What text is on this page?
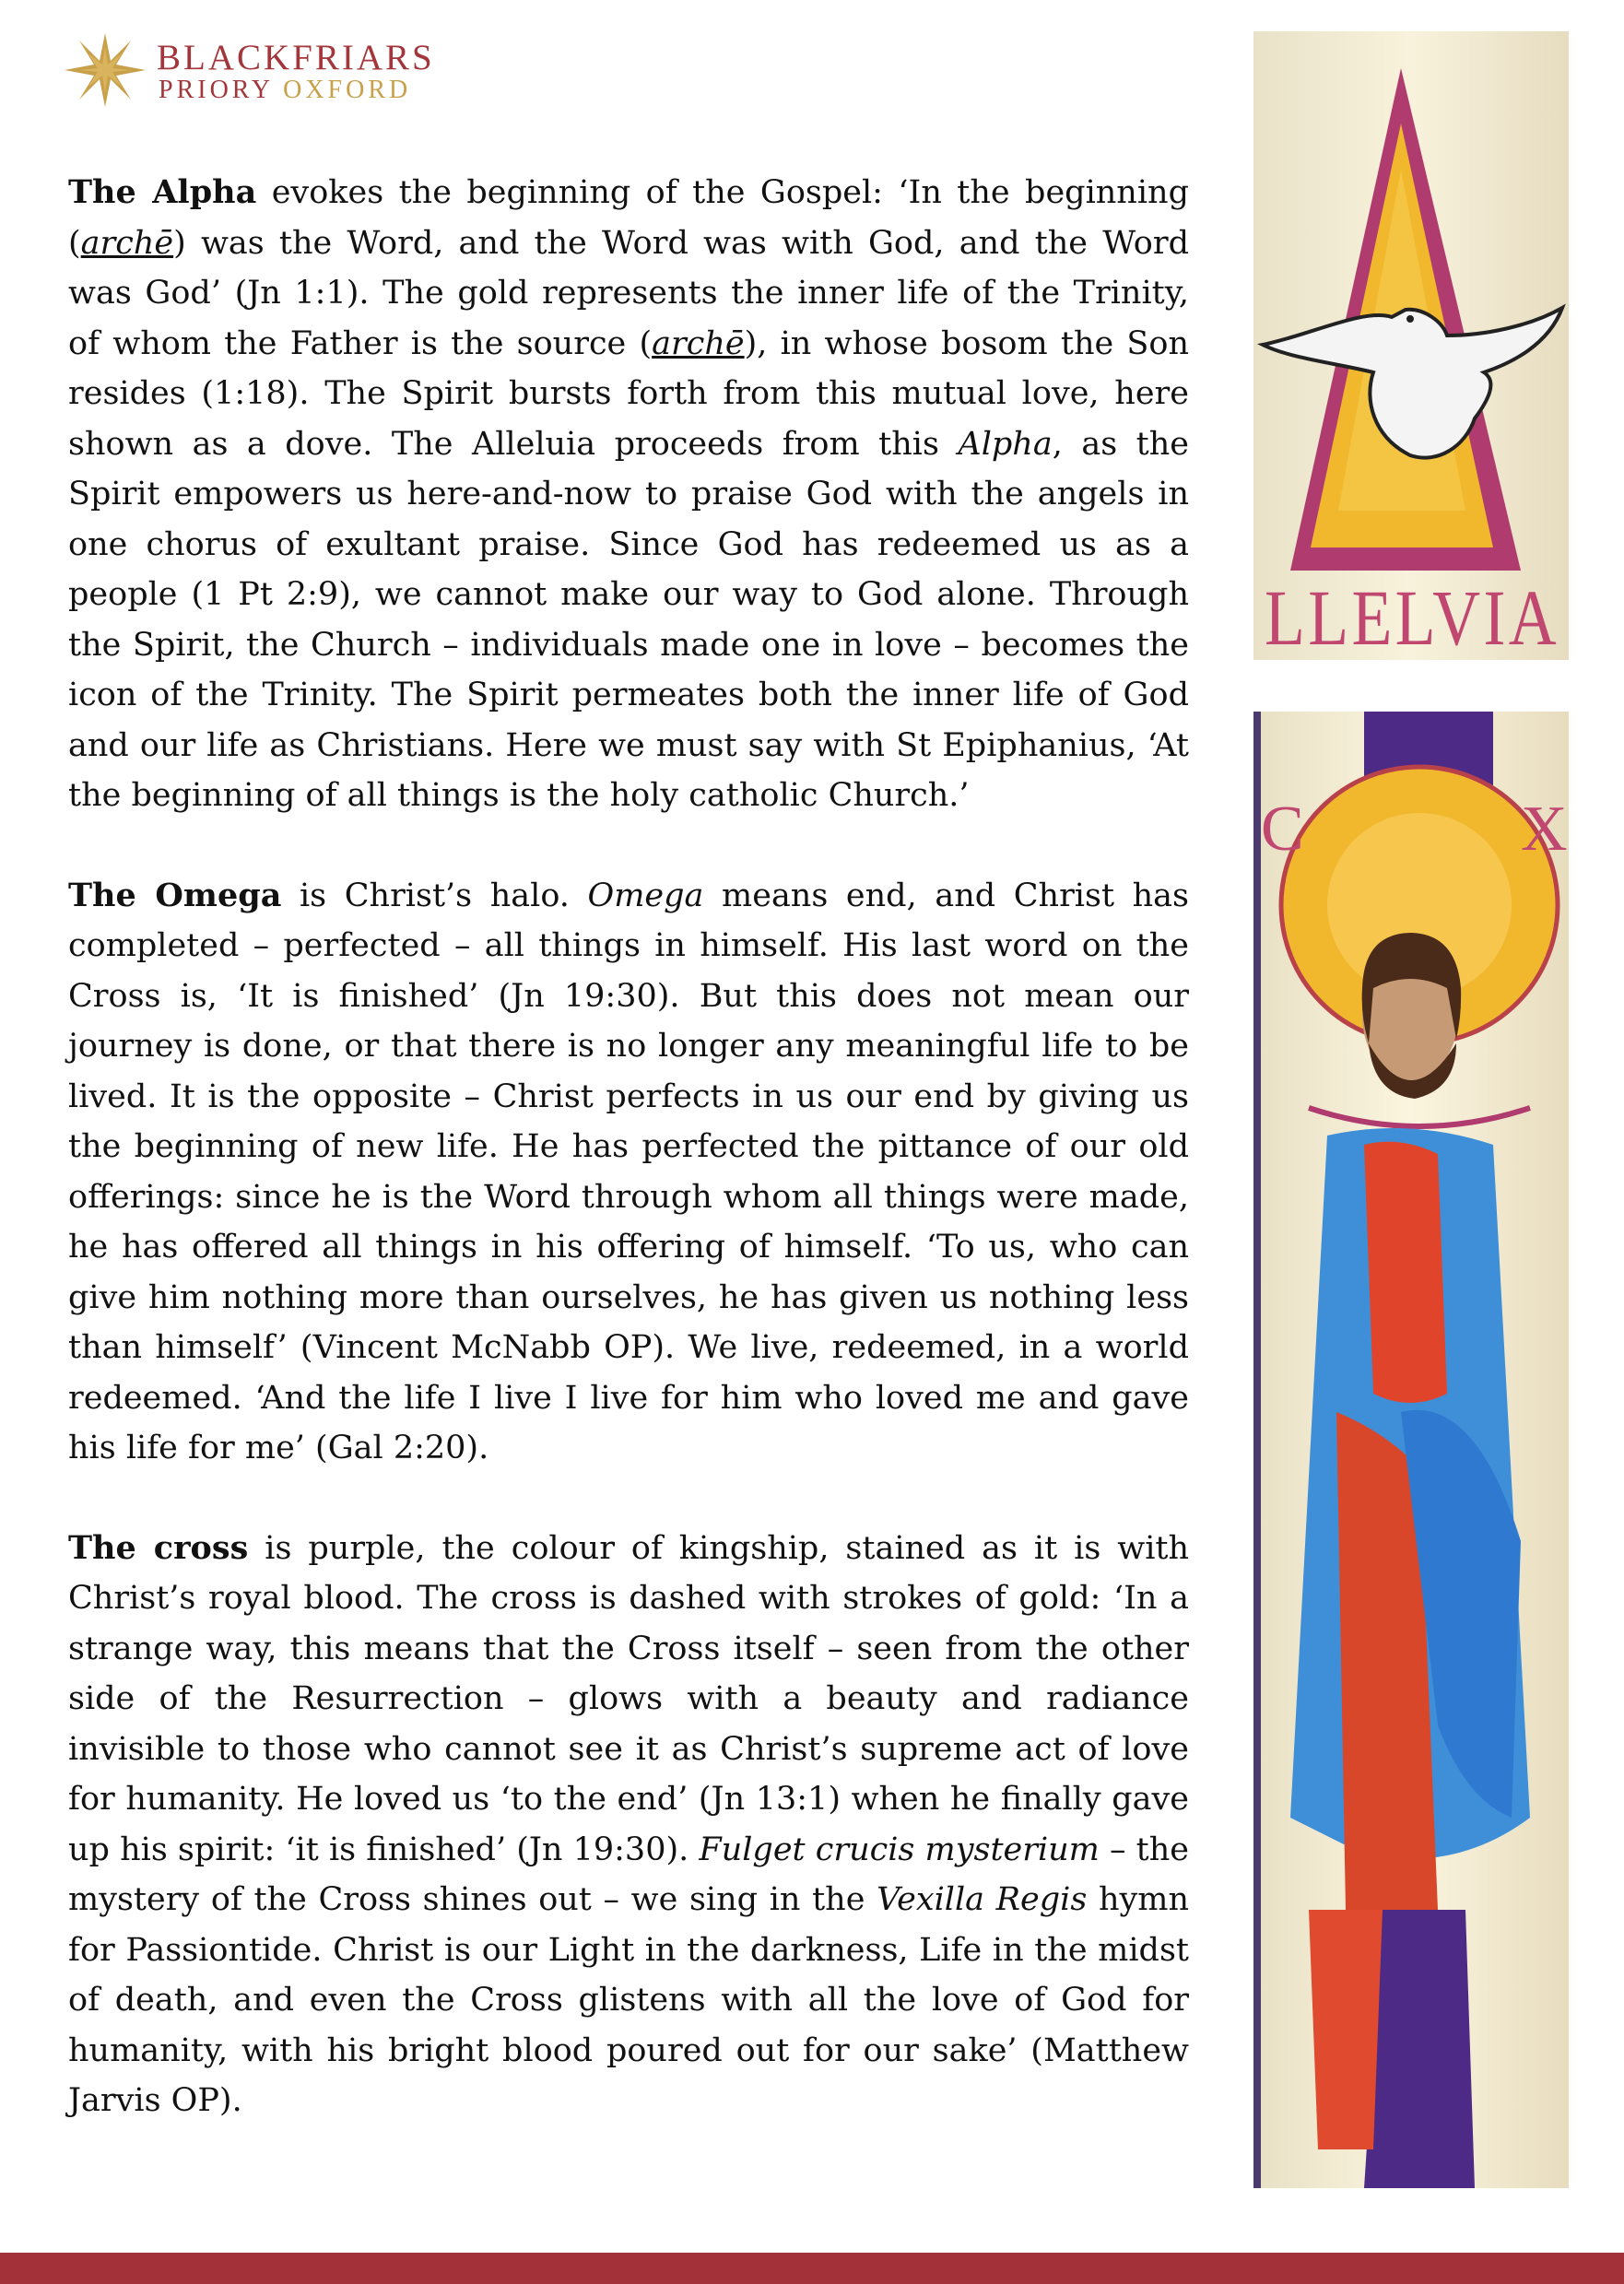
BLACKFRIARS
PRIORY OXFORD

The Alpha evokes the beginning of the Gospel: ‘In the beginning (archē) was the Word, and the Word was with God, and the Word was God’ (Jn 1:1). The gold represents the inner life of the Trinity, of whom the Father is the source (archē), in whose bosom the Son resides (1:18). The Spirit bursts forth from this mutual love, here shown as a dove. The Alleluia proceeds from this Alpha, as the Spirit empowers us here-and-now to praise God with the angels in one chorus of exultant praise. Since God has redeemed us as a people (1 Pt 2:9), we cannot make our way to God alone. Through the Spirit, the Church – individuals made one in love – becomes the icon of the Trinity. The Spirit permeates both the inner life of God and our life as Christians. Here we must say with St Epiphanius, ‘At the beginning of all things is the holy catholic Church.’

The Omega is Christ’s halo. Omega means end, and Christ has completed – perfected – all things in himself. His last word on the Cross is, ‘It is finished’ (Jn 19:30). But this does not mean our journey is done, or that there is no longer any meaningful life to be lived. It is the opposite – Christ perfects in us our end by giving us the beginning of new life. He has perfected the pittance of our old offerings: since he is the Word through whom all things were made, he has offered all things in his offering of himself. ‘To us, who can give him nothing more than ourselves, he has given us nothing less than himself’ (Vincent McNabb OP). We live, redeemed, in a world redeemed. ‘And the life I live I live for him who loved me and gave his life for me’ (Gal 2:20).

The cross is purple, the colour of kingship, stained as it is with Christ’s royal blood. The cross is dashed with strokes of gold: ‘In a strange way, this means that the Cross itself – seen from the other side of the Resurrection – glows with a beauty and radiance invisible to those who cannot see it as Christ’s supreme act of love for humanity. He loved us ‘to the end’ (Jn 13:1) when he finally gave up his spirit: ‘it is finished’ (Jn 19:30). Fulget crucis mysterium – the mystery of the Cross shines out – we sing in the Vexilla Regis hymn for Passiontide. Christ is our Light in the darkness, Life in the midst of death, and even the Cross glistens with all the love of God for humanity, with his bright blood poured out for our sake’ (Matthew Jarvis OP).

LLELVIA
C	X
